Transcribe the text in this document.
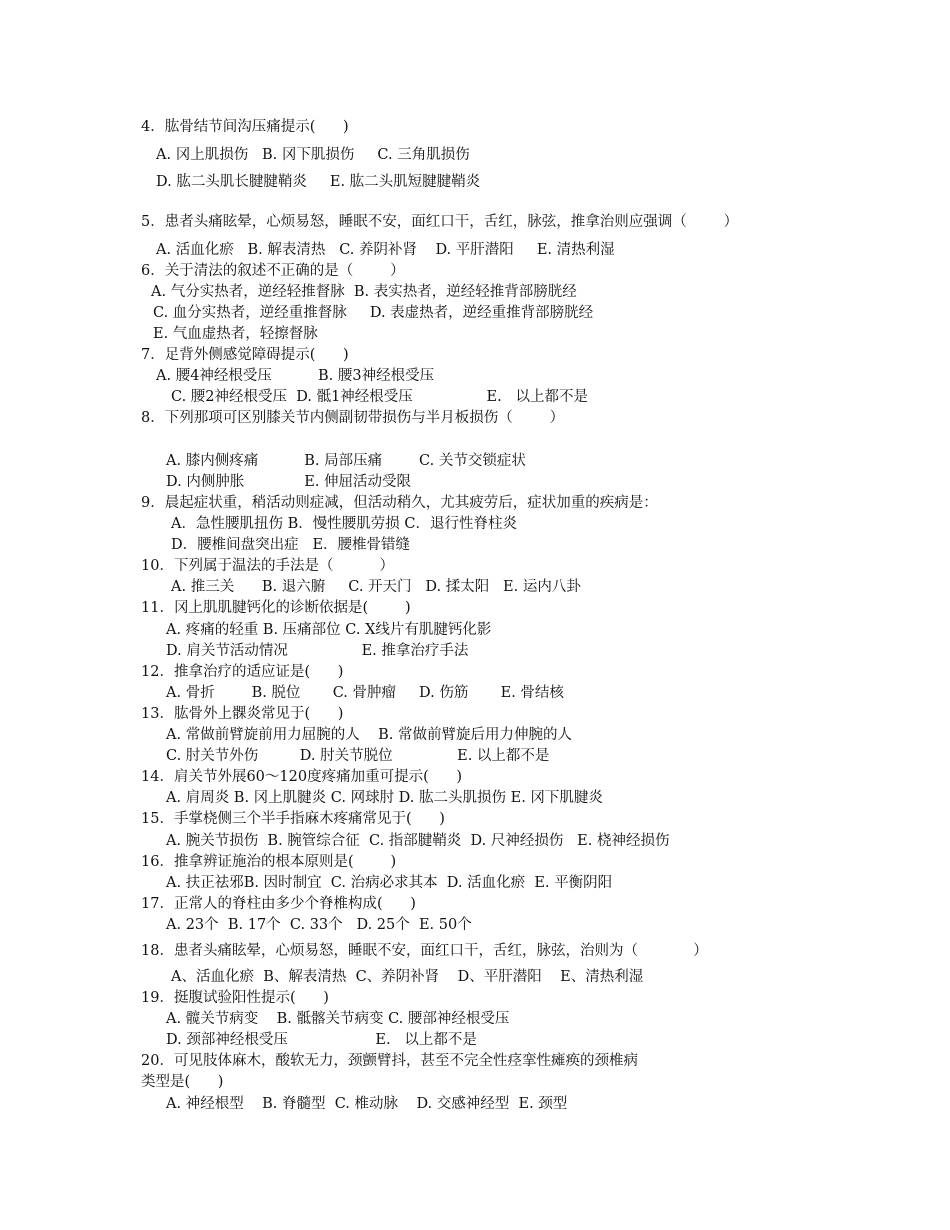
4．肱骨结节间沟压痛提示(      )
A. 冈上肌损伤   B. 冈下肌损伤     C. 三角肌损伤
D. 肱二头肌长腱腱鞘炎     E. 肱二头肌短腱腱鞘炎
5．患者头痛眩晕，心烦易怒，睡眠不安，面红口干，舌红，脉弦，推拿治则应强调（        ）
A. 活血化瘀   B. 解表清热   C. 养阴补肾    D. 平肝潜阳     E. 清热利湿
6．关于清法的叙述不正确的是（        ）
A. 气分实热者，逆经轻推督脉  B. 表实热者，逆经轻推背部膀胱经
C. 血分实热者，逆经重推督脉     D. 表虚热者，逆经重推背部膀胱经
E. 气血虚热者，轻擦督脉
7．足背外侧感觉障碍提示(      )
A. 腰4神经根受压          B. 腰3神经根受压
C. 腰2神经根受压  D. 骶1神经根受压                E.   以上都不是
8．下列那项可区别膝关节内侧副韧带损伤与半月板损伤（        ）
A. 膝内侧疼痛          B. 局部压痛        C. 关节交锁症状
D. 内侧肿胀             E. 伸屈活动受限
9．晨起症状重，稍活动则症减，但活动稍久，尤其疲劳后，症状加重的疾病是：
A．急性腰肌扭伤 B．慢性腰肌劳损 C．退行性脊柱炎
D．腰椎间盘突出症   E．腰椎骨错缝
10．下列属于温法的手法是（          ）
A. 推三关      B. 退六腑     C. 开天门   D. 揉太阳   E. 运内八卦
11．冈上肌肌腱钙化的诊断依据是(        )
A. 疼痛的轻重 B. 压痛部位 C. X线片有肌腱钙化影
D. 肩关节活动情况                E. 推拿治疗手法
12．推拿治疗的适应证是(      )
A. 骨折        B. 脱位       C. 骨肿瘤     D. 伤筋       E. 骨结核
13．肱骨外上髁炎常见于(      )
A. 常做前臂旋前用力屈腕的人    B. 常做前臂旋后用力伸腕的人
C. 肘关节外伤         D. 肘关节脱位              E. 以上都不是
14．肩关节外展60～120度疼痛加重可提示(      )
A. 肩周炎 B. 冈上肌腱炎 C. 网球肘 D. 肱二头肌损伤 E. 冈下肌腱炎
15．手掌桡侧三个半手指麻木疼痛常见于(      )
A. 腕关节损伤  B. 腕管综合征  C. 指部腱鞘炎  D. 尺神经损伤   E. 桡神经损伤
16．推拿辨证施治的根本原则是(        )
A. 扶正祛邪B. 因时制宜  C. 治病必求其本  D. 活血化瘀  E. 平衡阴阳
17．正常人的脊柱由多少个脊椎构成(      )
A. 23个  B. 17个  C. 33个   D. 25个  E. 50个
18．患者头痛眩晕，心烦易怒，睡眠不安，面红口干，舌红，脉弦，治则为（            ）
A、活血化瘀  B、解表清热  C、养阴补肾    D、平肝潜阳    E、清热利湿
19．挺腹试验阳性提示(      )
A. 髋关节病变    B. 骶髂关节病变 C. 腰部神经根受压
D. 颈部神经根受压                   E.   以上都不是
20．可见肢体麻木，酸软无力，颈颤臂抖，甚至不完全性痉挛性瘫痪的颈椎病
类型是(      )
A. 神经根型    B. 脊髓型  C. 椎动脉    D. 交感神经型  E. 颈型
